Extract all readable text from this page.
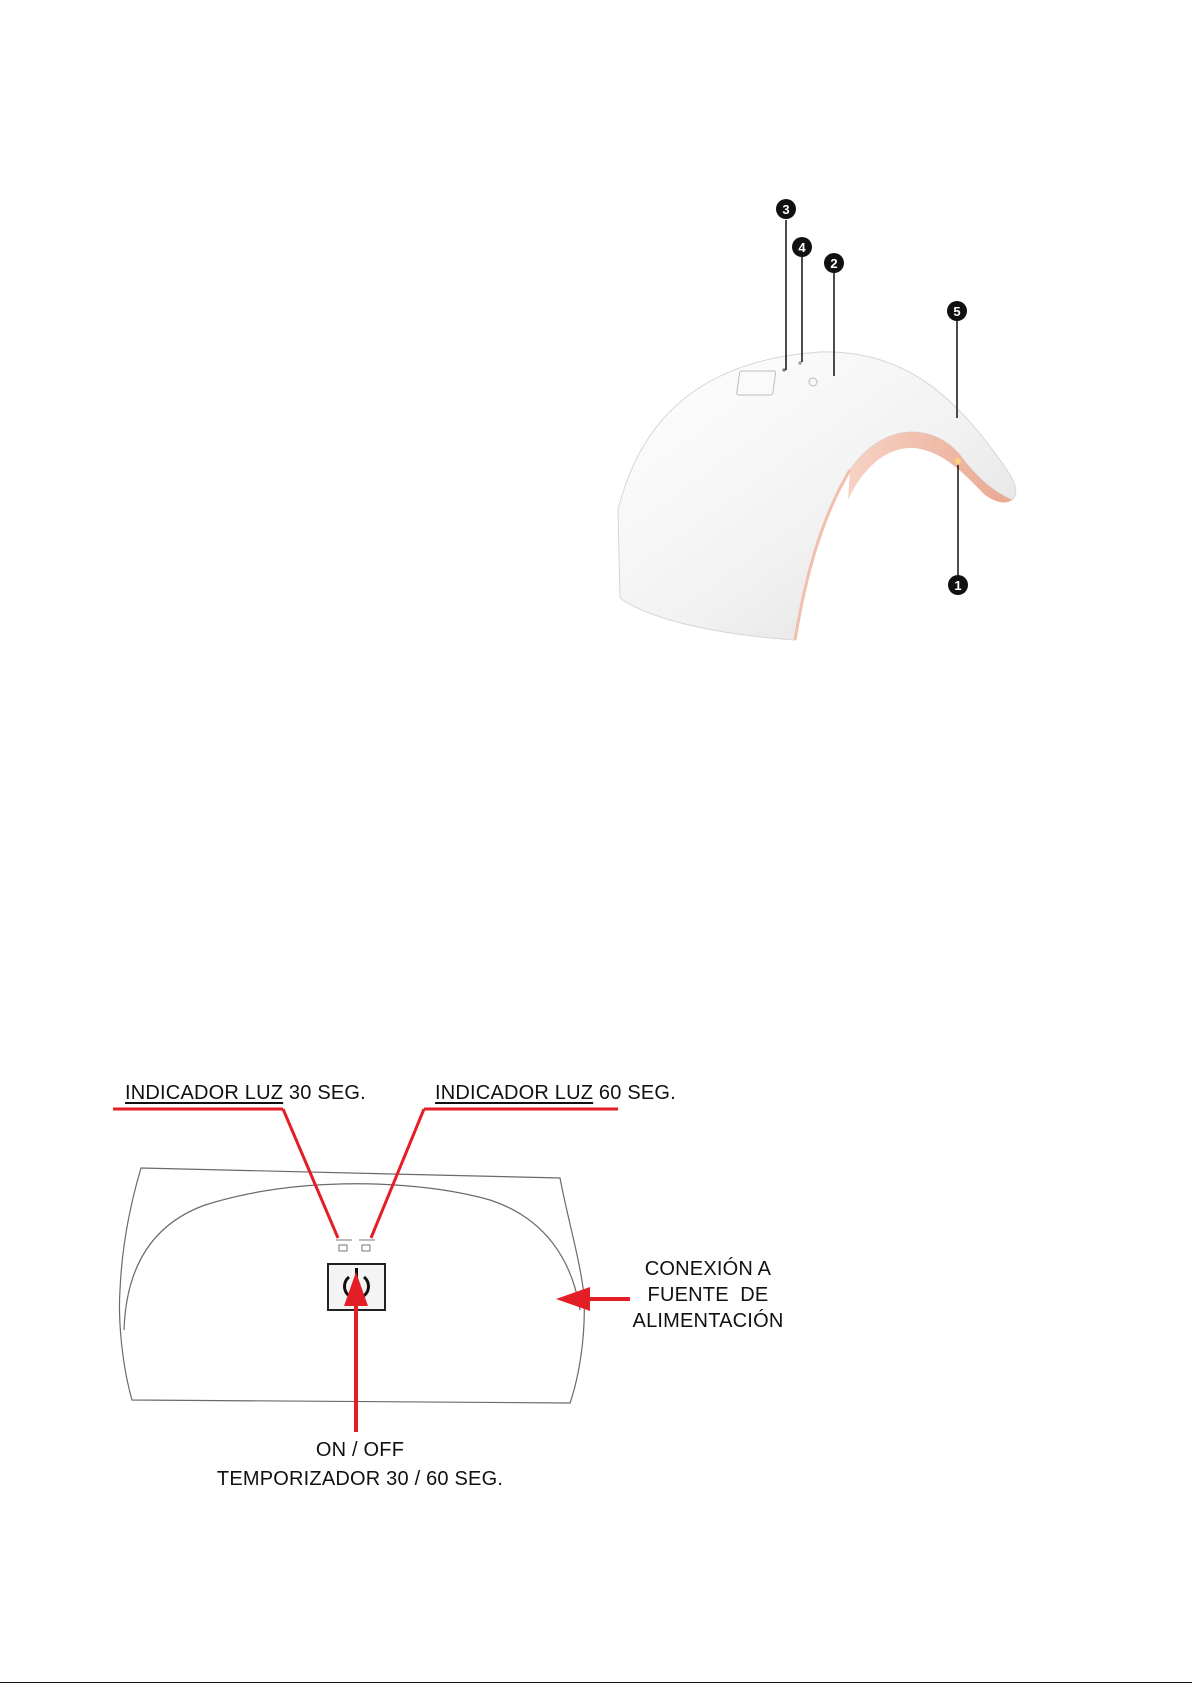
3
4
2
5
1
INDICADOR LUZ 30 SEG.	INDICADOR LUZ 60 SEG.
CONEXIÓN A
FUENTE  DE
ALIMENTACIÓN
ON / OFF
TEMPORIZADOR 30 / 60 SEG.
